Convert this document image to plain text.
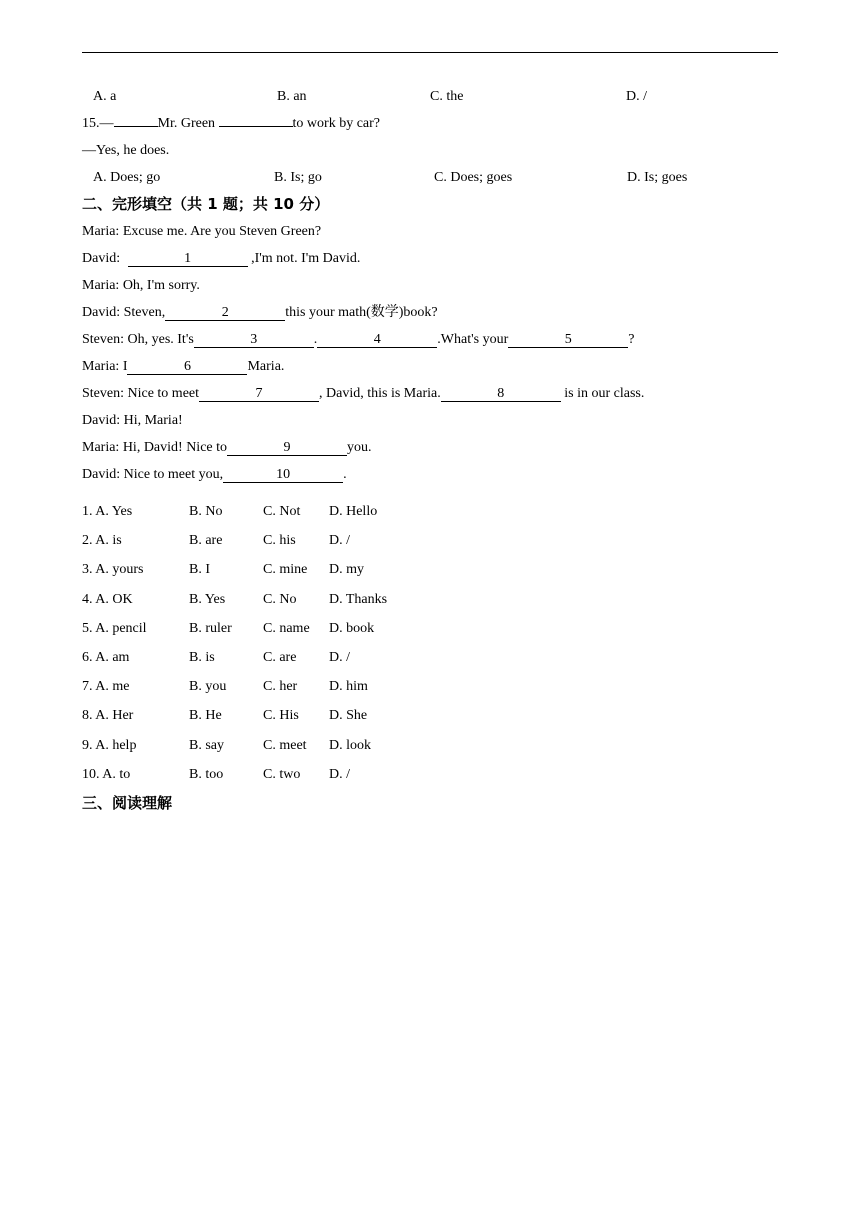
A. a	B. an	C. the	D. /
15.—	Mr. Green	to work by car?
—Yes, he does.
A. Does; go	B. Is; go	C. Does; goes	D. Is; goes
二、完形填空（共 1 题；共 10 分）
Maria: Excuse me. Are you Steven Green?
David:	1	,I'm not. I'm David.
Maria: Oh, I'm sorry.
David: Steven,	2	this your math(数学)book?
Steven: Oh, yes. It's	3	.	4	.What's your	5	?
Maria: I	6	Maria.
Steven: Nice to meet	7	, David, this is Maria.	8	is in our class.
David: Hi, Maria!
Maria: Hi, David! Nice to	9	you.
David: Nice to meet you,	10	.
1. A. Yes	B. No	C. Not D. Hello
2. A. is	B. are	C. his D. /
3. A. yours	B. I	C. mine D. my
4. A. OK	B. Yes	C. No D. Thanks
5. A. pencil	B. ruler C. name D. book
6. A. am	B. is	C. are D. /
7. A. me	B. you	C. her D. him
8. A. Her	B. He	C. His D. She
9. A. help	B. say	C. meet D. look
10. A. to	B. too	C. two D. /
三、阅读理解
